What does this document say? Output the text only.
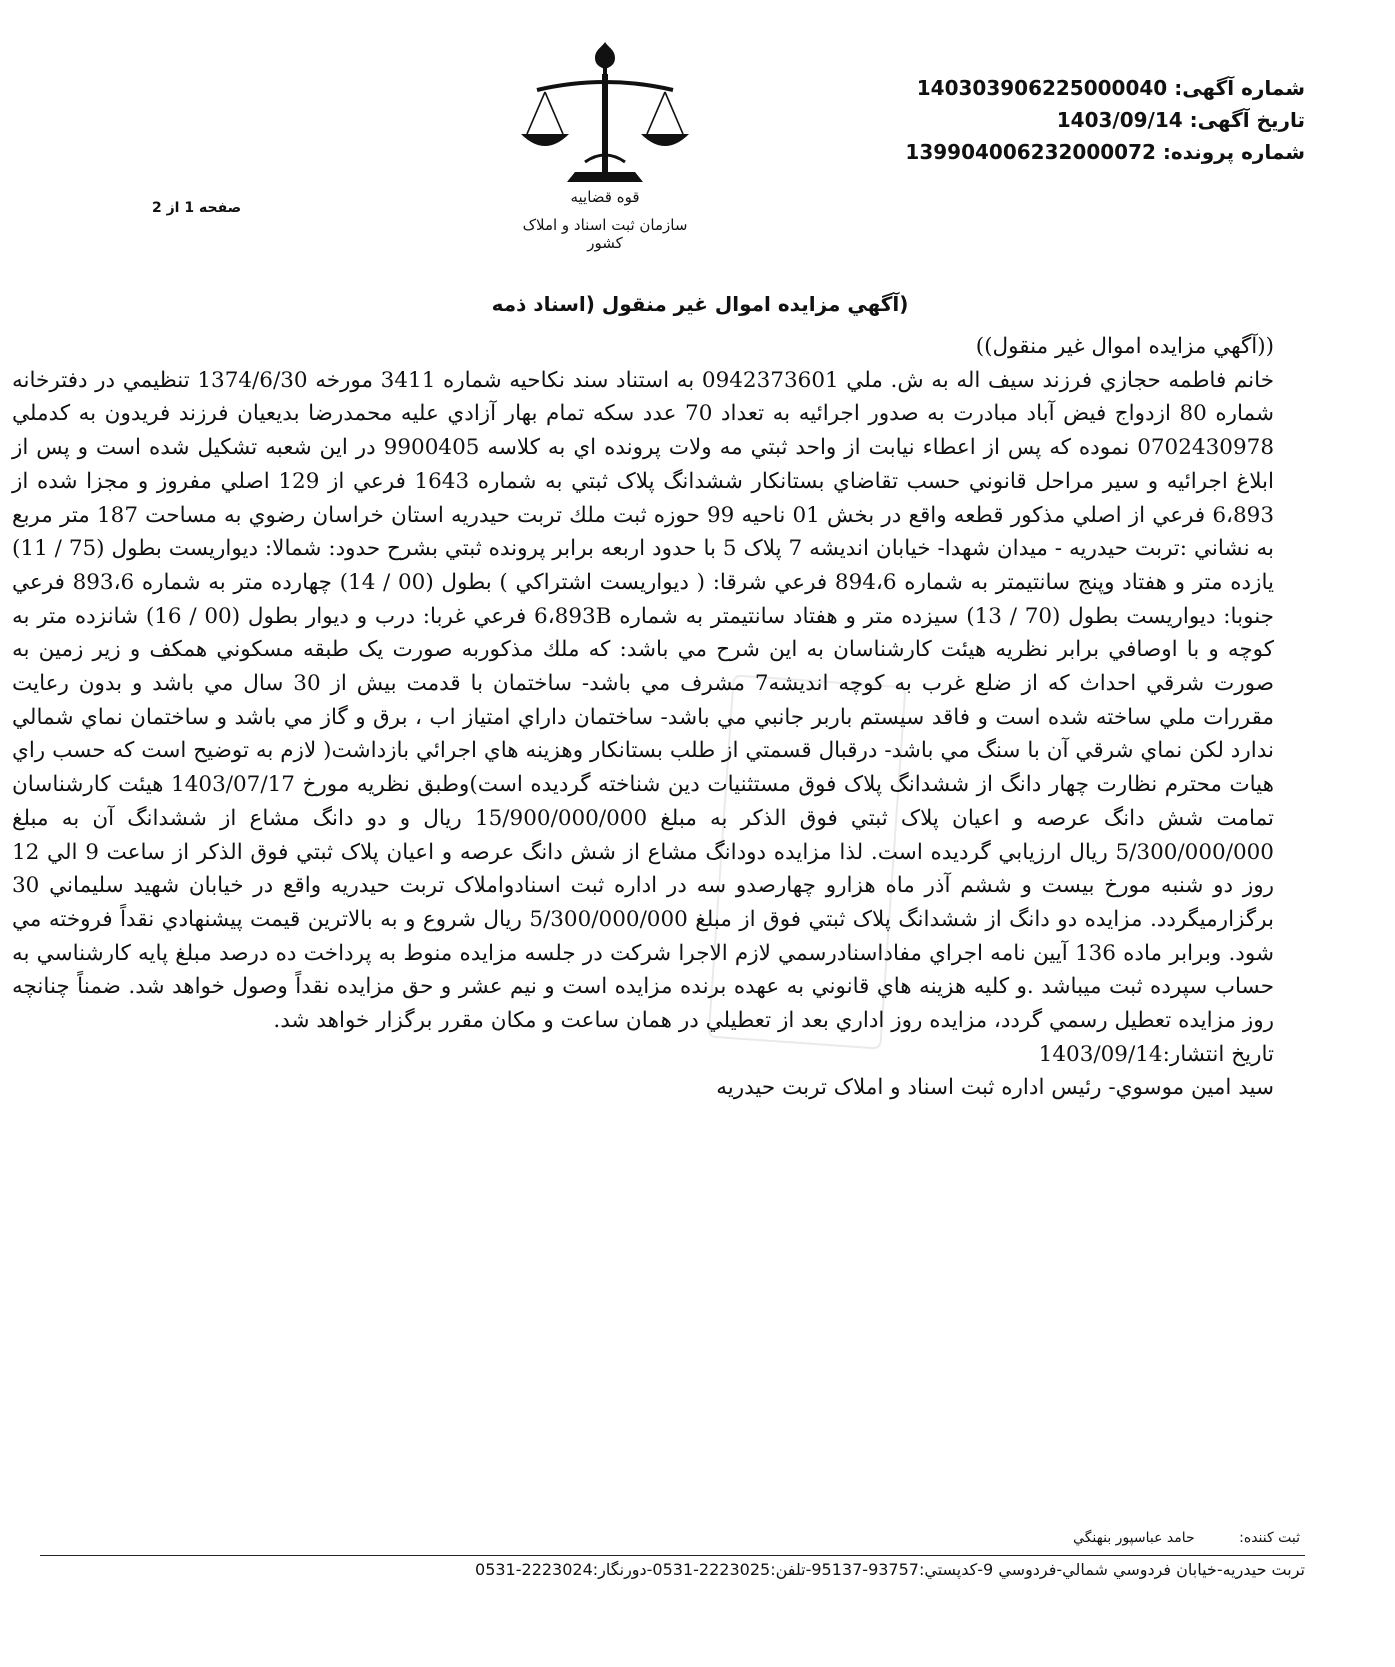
شماره آگهی: 140303906225000040
تاریخ آگهی: 1403/09/14
شماره پرونده: 13990400623200007‍2
صفحه 1 از 2
قوه قضاییه
سازمان ثبت اسناد و املاک کشور
(آگهي مزايده اموال غير منقول (اسناد ذمه

((آگهي مزايده اموال غير منقول))

خانم فاطمه حجازي فرزند سيف اله به ش. ملي 0942373601 به استناد سند نكاحيه شماره 3411 مورخه 1374/6/30 تنظيمي در دفترخانه شماره 80 ازدواج فيض آباد مبادرت به صدور اجرائيه به تعداد 70 عدد سكه تمام بهار آزادي عليه محمدرضا بديعيان فرزند فريدون به كدملي 0702430978 نموده كه پس از اعطاء نيابت از واحد ثبتي مه ولات پرونده اي به كلاسه 9900405 در اين شعبه تشكيل شده است و پس از ابلاغ اجرائيه و سير مراحل قانوني حسب تقاضاي بستانكار ششدانگ پلاک ثبتي به شماره 1643 فرعي از 129 اصلي مفروز و مجزا شده از 6،893 فرعي از اصلي مذكور قطعه واقع در بخش 01 ناحيه 99 حوزه ثبت ملك تربت حيدريه استان خراسان رضوي به مساحت 187 متر مربع به نشاني :تربت حيدريه - ميدان شهدا- خيابان انديشه 7 پلاک 5 با حدود اربعه برابر پرونده ثبتي بشرح حدود: شمالا: ديواريست بطول (75 / 11) يازده متر و هفتاد وپنج سانتيمتر به شماره 894،6 فرعي شرقا: ( ديواريست اشتراكي ) بطول (00 / 14) چهارده متر به شماره 893،6 فرعي جنوبا: ديواريست بطول (70 / 13) سيزده متر و هفتاد سانتيمتر به شماره 6،893B فرعي غربا: درب و ديوار بطول (00 / 16) شانزده متر به كوچه و با اوصافي برابر نظريه هيئت كارشناسان به اين شرح مي باشد: كه ملك مذكوربه صورت يک طبقه مسكوني همكف و زير زمين به صورت شرقي احداث كه از ضلع غرب به كوچه انديشه7 مشرف مي باشد- ساختمان با قدمت بيش از 30 سال مي باشد و بدون رعايت مقررات ملي ساخته شده است و فاقد سيستم باربر جانبي مي باشد- ساختمان داراي امتياز اب ، برق و گاز مي باشد و ساختمان نماي شمالي ندارد لكن نماي شرقي آن با سنگ مي باشد- درقبال قسمتي از طلب بستانكار وهزينه هاي اجرائي بازداشت( لازم به توضيح است كه حسب راي هيات محترم نظارت چهار دانگ از ششدانگ پلاک فوق مستثنيات دين شناخته گرديده است)وطبق نظريه مورخ 1403/07/17 هيئت كارشناسان تمامت شش دانگ عرصه و اعيان پلاک ثبتي فوق الذكر به مبلغ 15/900/000/000 ريال و دو دانگ مشاع از ششدانگ آن به مبلغ 5/300/000/000 ريال ارزيابي گرديده است. لذا مزايده دودانگ مشاع از شش دانگ عرصه و اعيان پلاک ثبتي فوق الذكر از ساعت 9 الي 12 روز دو شنبه مورخ بيست و ششم آذر ماه هزارو چهارصدو سه در اداره ثبت اسنادواملاک تربت حيدريه واقع در خيابان شهيد سليماني 30 برگزارميگردد. مزايده دو دانگ از ششدانگ پلاک ثبتي فوق از مبلغ 5/300/000/000 ريال شروع و به بالاترين قيمت پيشنهادي نقداً فروخته مي شود. وبرابر ماده 136 آيين نامه اجراي مفاداسنادرسمي لازم الاجرا شركت در جلسه مزايده منوط به پرداخت ده درصد مبلغ پايه كارشناسي به حساب سپرده ثبت ميباشد .و كليه هزينه هاي قانوني به عهده برنده مزايده است و نيم عشر و حق مزايده نقداً وصول خواهد شد. ضمناً چنانچه روز مزايده تعطيل رسمي گردد، مزايده روز اداري بعد از تعطيلي در همان ساعت و مكان مقرر برگزار خواهد شد.

تاريخ انتشار:1403/09/14

سيد امين موسوي- رئيس اداره ثبت اسناد و املاک تربت حيدريه

ثبت كننده: حامد عباسپور بنهنگي
تربت حيدريه-خيابان فردوسي شمالي-فردوسي 9-كدپستي:93757-95137-تلفن:2223025-0531-دورنگار:2223024-0531
